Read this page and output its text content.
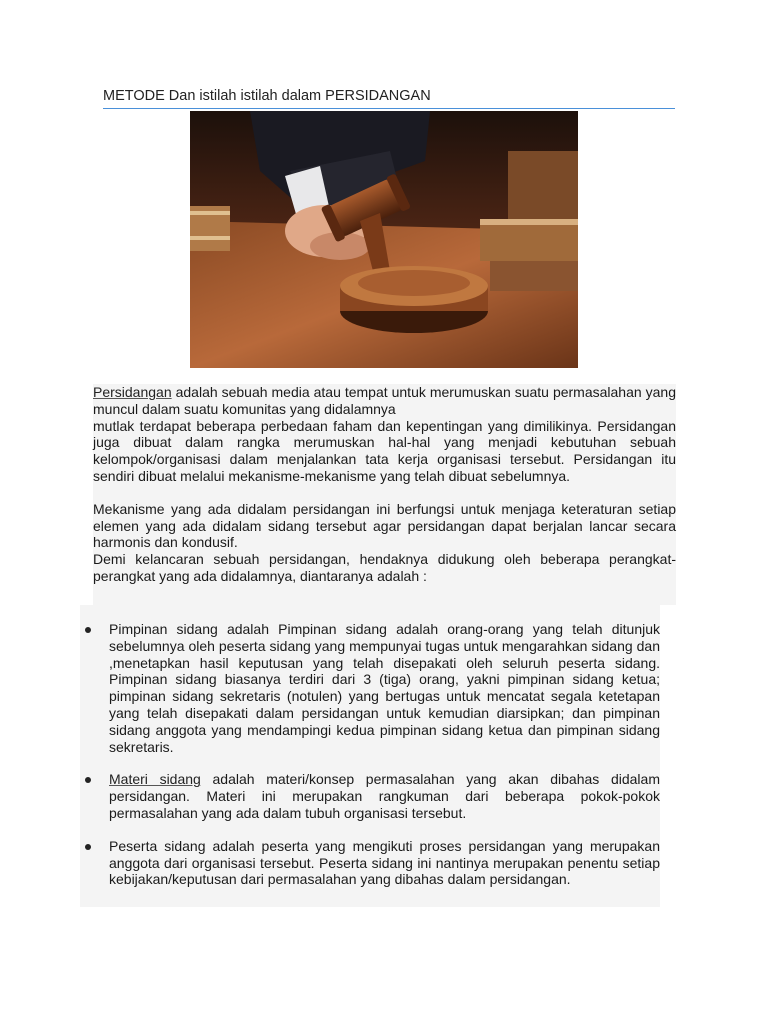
METODE Dan istilah istilah dalam PERSIDANGAN

Persidangan adalah sebuah media atau tempat untuk merumuskan suatu permasalahan yang muncul dalam suatu komunitas yang didalamnya

mutlak terdapat beberapa perbedaan faham dan kepentingan yang dimilikinya. Persidangan juga dibuat dalam rangka merumuskan hal-hal yang menjadi kebutuhan sebuah kelompok/organisasi dalam menjalankan tata kerja organisasi tersebut. Persidangan itu sendiri dibuat melalui mekanisme-mekanisme yang telah dibuat sebelumnya.

Mekanisme yang ada didalam persidangan ini berfungsi untuk menjaga keteraturan setiap elemen yang ada didalam sidang tersebut agar persidangan dapat berjalan lancar secara harmonis dan kondusif.

Demi kelancaran sebuah persidangan, hendaknya didukung oleh beberapa perangkat-perangkat yang ada didalamnya, diantaranya adalah :

Pimpinan sidang adalah Pimpinan sidang adalah orang-orang yang telah ditunjuk sebelumnya oleh peserta sidang yang mempunyai tugas untuk mengarahkan sidang dan ,menetapkan hasil keputusan yang telah disepakati oleh seluruh peserta sidang. Pimpinan sidang biasanya terdiri dari 3 (tiga) orang, yakni pimpinan sidang ketua; pimpinan sidang sekretaris (notulen) yang bertugas untuk mencatat segala ketetapan yang telah disepakati dalam persidangan untuk kemudian diarsipkan; dan pimpinan sidang anggota yang mendampingi kedua pimpinan sidang ketua dan pimpinan sidang sekretaris.
Materi sidang adalah materi/konsep permasalahan yang akan dibahas didalam persidangan. Materi ini merupakan rangkuman dari beberapa pokok-pokok permasalahan yang ada dalam tubuh organisasi tersebut.
Peserta sidang adalah peserta yang mengikuti proses persidangan yang merupakan anggota dari organisasi tersebut. Peserta sidang ini nantinya merupakan penentu setiap kebijakan/keputusan dari permasalahan yang dibahas dalam persidangan.
